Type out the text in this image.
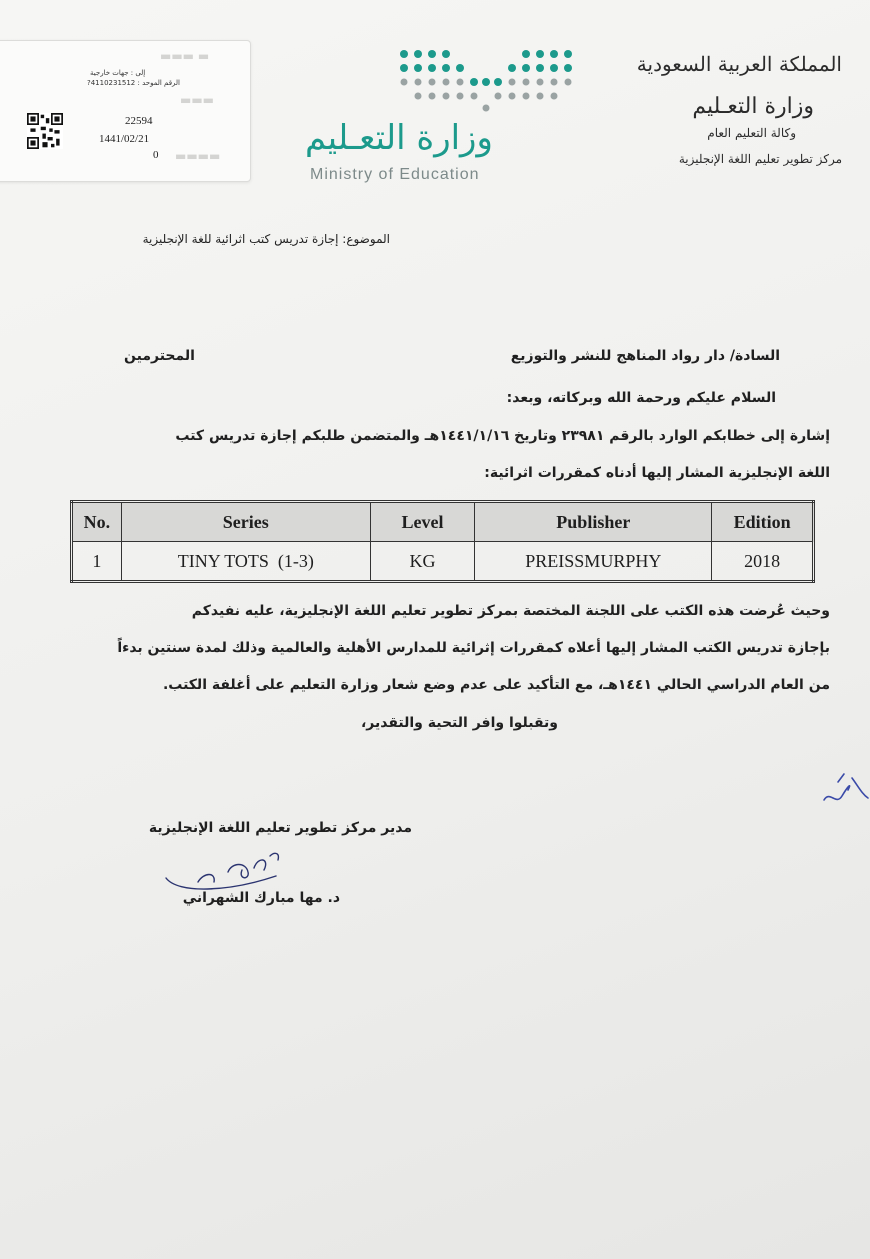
▬▬▬ ▬
▬▬▬
▬▬▬▬
إلى : جهات خارجية
الرقم الموحد : 4110231512?
22594
1441/02/21
0	وزارة التعـليم
Ministry of Education
المملكة العربية السعودية
وزارة التعـليم
وكالة التعليم العام
مركز تطوير تعليم اللغة الإنجليزية
الموضوع: إجازة تدريس كتب اثرائية للغة الإنجليزية
السادة/ دار رواد المناهج للنشر والتوزيع
المحترمين
السلام عليكم ورحمة الله وبركاته، وبعد:
إشارة إلى خطابكم الوارد بالرقم ٢٣٩٨١ وتاريخ ١٤٤١/١/١٦هـ والمتضمن طلبكم إجازة تدريس كتب
اللغة الإنجليزية المشار إليها أدناه كمقررات اثرائية:
No.	Series	Level	Publisher	Edition
1	TINY TOTS  (1-3)	KG	PREISSMURPHY	2018
وحيث عُرضت هذه الكتب على اللجنة المختصة بمركز تطوير تعليم اللغة الإنجليزية، عليه نفيدكم
بإجازة تدريس الكتب المشار إليها أعلاه كمقررات إثرائية للمدارس الأهلية والعالمية وذلك لمدة سنتين بدءاً
من العام الدراسي الحالي ١٤٤١هـ، مع التأكيد على عدم وضع شعار وزارة التعليم على أغلفة الكتب.
وتقبلوا وافر التحية والتقدير،
مدير مركز تطوير تعليم اللغة الإنجليزية
د. مها مبارك الشهراني
